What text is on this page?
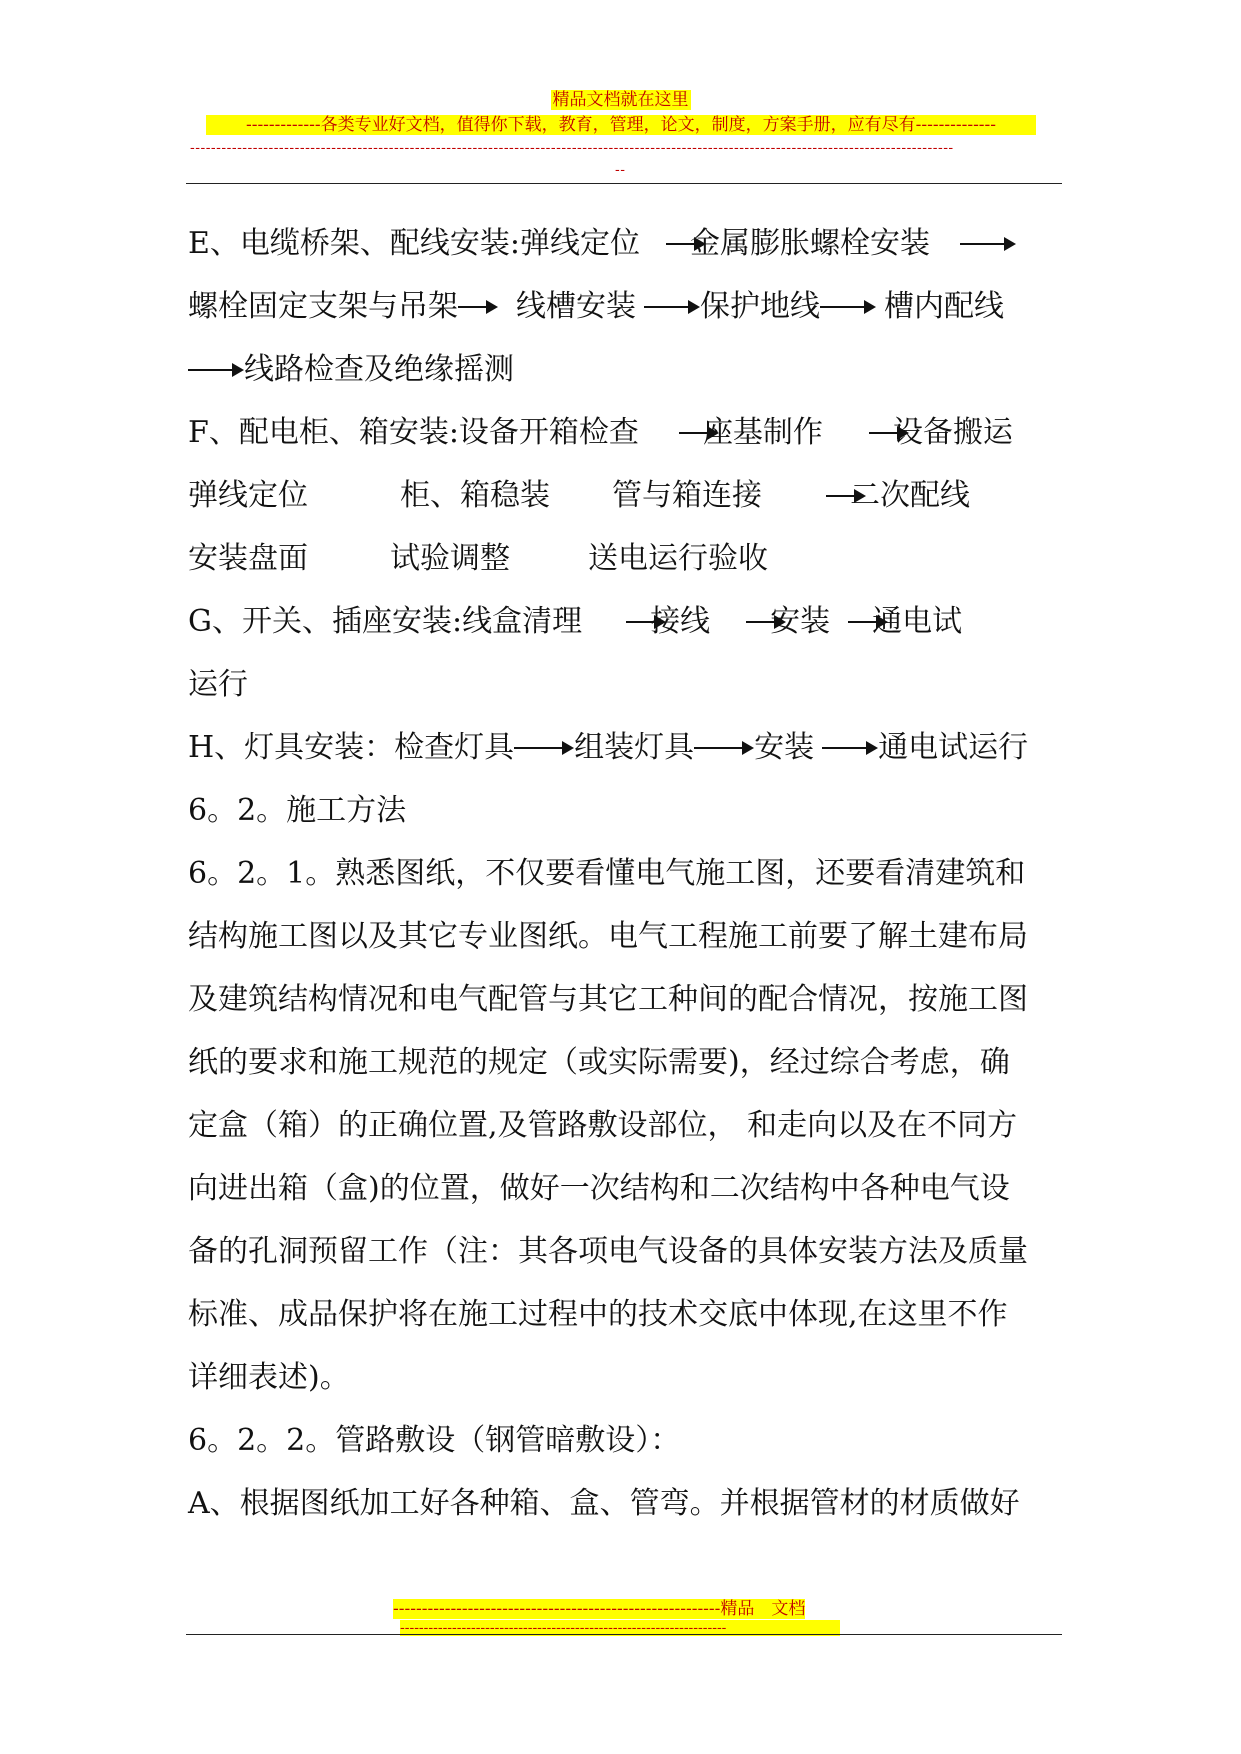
精品文档就在这里
-------------各类专业好文档，值得你下载，教育，管理，论文，制度，方案手册，应有尽有--------------
--------------------------------------------------------------------------------------------------------------------------------------------------
--
E、电缆桥架、配线安装:弹线定位 金属膨胀螺栓安装
螺栓固定支架与吊架 线槽安装 保护地线 槽内配线
线路检查及绝缘摇测
F、配电柜、箱安装:设备开箱检查 座基制作 设备搬运
弹线定位	柜、箱稳装 管与箱连接	二次配线
安装盘面	试验调整	送电运行验收
G、开关、插座安装:线盒清理 接线 安装 通电试
运行
H、灯具安装：检查灯具 组装灯具 安装 通电试运行
6。2。施工方法
6。2。1。熟悉图纸，不仅要看懂电气施工图，还要看清建筑和
结构施工图以及其它专业图纸。电气工程施工前要了解土建布局
及建筑结构情况和电气配管与其它工种间的配合情况，按施工图
纸的要求和施工规范的规定（或实际需要)，经过综合考虑，确
定盒（箱）的正确位置,及管路敷设部位， 和走向以及在不同方
向进出箱（盒)的位置，做好一次结构和二次结构中各种电气设
备的孔洞预留工作（注：其各项电气设备的具体安装方法及质量
标准、成品保护将在施工过程中的技术交底中体现,在这里不作
详细表述)。
6。2。2。管路敷设（钢管暗敷设）：
A、根据图纸加工好各种箱、盒、管弯。并根据管材的材质做好
---------------------------------------------------------精品　文档
---------------------------------------------------------------------
